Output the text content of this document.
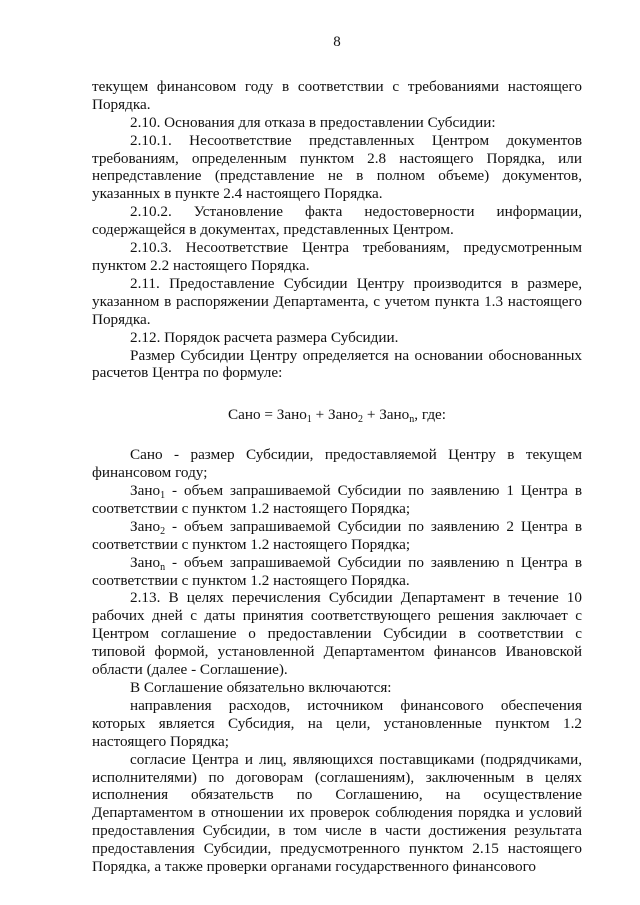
8

текущем финансовом году в соответствии с требованиями настоящего Порядка.

2.10. Основания для отказа в предоставлении Субсидии:

2.10.1. Несоответствие представленных Центром документов требованиям, определенным пунктом 2.8 настоящего Порядка, или непредставление (представление не в полном объеме) документов, указанных в пункте 2.4 настоящего Порядка.

2.10.2. Установление факта недостоверности информации, содержащейся в документах, представленных Центром.

2.10.3. Несоответствие Центра требованиям, предусмотренным пунктом 2.2 настоящего Порядка.

2.11. Предоставление Субсидии Центру производится в размере, указанном в распоряжении Департамента, с учетом пункта 1.3 настоящего Порядка.

2.12. Порядок расчета размера Субсидии.

Размер Субсидии Центру определяется на основании обоснованных расчетов Центра по формуле:

Сано = Зано$_1$ + Зано$_2$ + Зано$_n$, где:

Сано - размер Субсидии, предоставляемой Центру в текущем финансовом году;

Зано$_1$ - объем запрашиваемой Субсидии по заявлению 1 Центра в соответствии с пунктом 1.2 настоящего Порядка;

Зано$_2$ - объем запрашиваемой Субсидии по заявлению 2 Центра в соответствии с пунктом 1.2 настоящего Порядка;

Зано$_n$ - объем запрашиваемой Субсидии по заявлению n Центра в соответствии с пунктом 1.2 настоящего Порядка.

2.13. В целях перечисления Субсидии Департамент в течение 10 рабочих дней с даты принятия соответствующего решения заключает с Центром соглашение о предоставлении Субсидии в соответствии с типовой формой, установленной Департаментом финансов Ивановской области (далее - Соглашение).

В Соглашение обязательно включаются:

направления расходов, источником финансового обеспечения которых является Субсидия, на цели, установленные пунктом 1.2 настоящего Порядка;

согласие Центра и лиц, являющихся поставщиками (подрядчиками, исполнителями) по договорам (соглашениям), заключенным в целях исполнения обязательств по Соглашению, на осуществление Департаментом в отношении их проверок соблюдения порядка и условий предоставления Субсидии, в том числе в части достижения результата предоставления Субсидии, предусмотренного пунктом 2.15 настоящего Порядка, а также проверки органами государственного финансового
